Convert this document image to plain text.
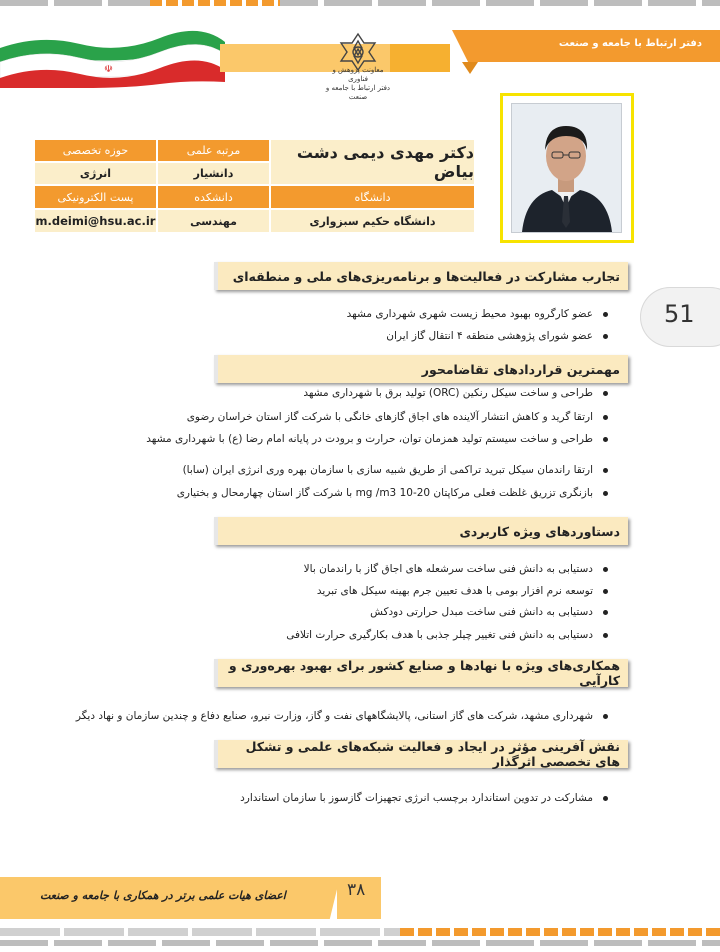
☫
دفتر ارتباط با جامعه و صنعت
معاونت پژوهش و فناوری
دفتر ارتباط با جامعه و صنعت
دکتر مهدی دیمی دشت بیاض
دانشگاه
دانشگاه حکیم سبزواری
مرتبه علمی
دانشیار
دانشکده
مهندسی
حوزه تخصصی
انرژی
پست الکترونیکی
m.deimi@hsu.ac.ir
51
تجارب مشارکت در فعالیت‌ها و برنامه‌ریزی‌های ملی و منطقه‌ای
عضو کارگروه بهبود محیط زیست شهری شهرداری مشهد
عضو شورای پژوهشی منطقه ۴ انتقال گاز ایران
مهمترین قراردادهای تقاضامحور
طراحی و ساخت سیکل رنکین (ORC) تولید برق با شهرداری مشهد
ارتقا گرید و کاهش انتشار آلاینده های اجاق گازهای خانگی با شرکت گاز استان خراسان رضوی
طراحی و ساخت سیستم تولید همزمان توان، حرارت و برودت در پایانه امام رضا (ع) با شهرداری مشهد
ارتقا راندمان سیکل تبرید تراکمی از طریق شبیه سازی با سازمان بهره وری انرژی ایران (سابا)
بازنگری تزریق غلظت فعلی مرکاپتان mg /m3 10-20 با شرکت گاز استان چهارمحال و بختیاری
دستاوردهای ویژه کاربردی
دستیابی به دانش فنی ساخت سرشعله های اجاق گاز با راندمان بالا
توسعه نرم افزار بومی با هدف تعیین جرم بهینه سیکل های تبرید
دستیابی به دانش فنی ساخت مبدل حرارتی دودکش
دستیابی به دانش فنی تغییر چیلر جذبی با هدف بکارگیری حرارت اتلافی
همکاری‌های ویژه با نهادها و صنایع کشور برای بهبود بهره‌وری و کارآیی
شهرداری مشهد، شرکت های گاز استانی، پالایشگاههای نفت و گاز، وزارت نیرو، صنایع دفاع و چندین سازمان و نهاد دیگر
نقش آفرینی مؤثر در ایجاد و فعالیت شبکه‌های علمی و تشکل های تخصصی اثرگذار
مشارکت در تدوین استاندارد برچسب انرژی تجهیزات گازسوز با سازمان استاندارد
اعضای هیات علمی برتر در همکاری با جامعه و صنعت	۳۸
